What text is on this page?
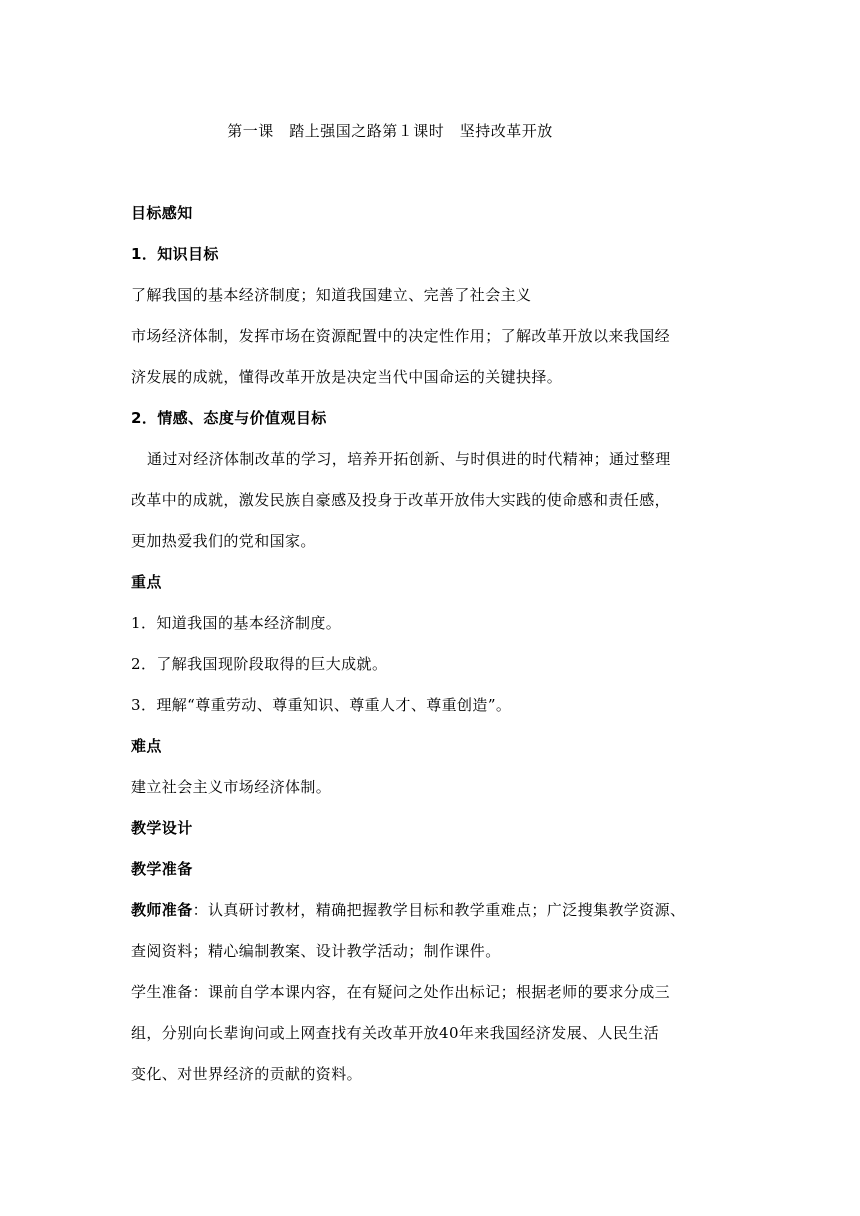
第一课　踏上强国之路第１课时　坚持改革开放
目标感知
1．知识目标
了解我国的基本经济制度；知道我国建立、完善了社会主义
市场经济体制，发挥市场在资源配置中的决定性作用；了解改革开放以来我国经
济发展的成就，懂得改革开放是决定当代中国命运的关键抉择。
2．情感、态度与价值观目标
通过对经济体制改革的学习，培养开拓创新、与时俱进的时代精神；通过整理
改革中的成就，激发民族自豪感及投身于改革开放伟大实践的使命感和责任感，
更加热爱我们的党和国家。
重点
1．知道我国的基本经济制度。
2．了解我国现阶段取得的巨大成就。
3．理解“尊重劳动、尊重知识、尊重人才、尊重创造”。
难点
建立社会主义市场经济体制。
教学设计
教学准备
教师准备：认真研讨教材，精确把握教学目标和教学重难点；广泛搜集教学资源、
查阅资料；精心编制教案、设计教学活动；制作课件。
学生准备：课前自学本课内容，在有疑问之处作出标记；根据老师的要求分成三
组，分别向长辈询问或上网查找有关改革开放40年来我国经济发展、人民生活
变化、对世界经济的贡献的资料。
